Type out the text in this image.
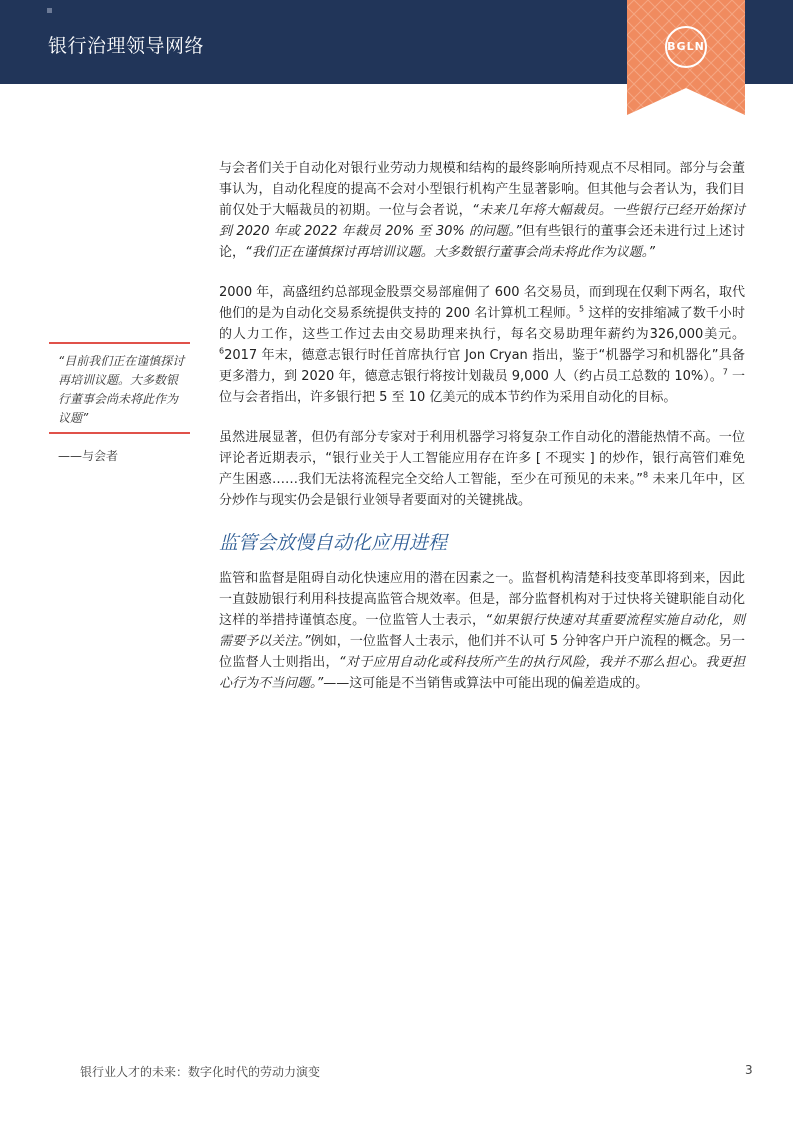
银行治理领导网络	BGLN

与会者们关于自动化对银行业劳动力规模和结构的最终影响所持观点不尽相同。部分与会董事认为，自动化程度的提高不会对小型银行机构产生显著影响。但其他与会者认为，我们目前仅处于大幅裁员的初期。一位与会者说，“未来几年将大幅裁员。一些银行已经开始探讨到 2020 年或 2022 年裁员 20% 至 30% 的问题。”但有些银行的董事会还未进行过上述讨论，“我们正在谨慎探讨再培训议题。大多数银行董事会尚未将此作为议题。”

2000 年，高盛纽约总部现金股票交易部雇佣了 600 名交易员，而到现在仅剩下两名，取代他们的是为自动化交易系统提供支持的 200 名计算机工程师。$^5$ 这样的安排缩减了数千小时的人力工作，这些工作过去由交易助理来执行，每名交易助理年薪约为326,000美元。$^6$2017 年末，德意志银行时任首席执行官 Jon Cryan 指出，鉴于“机器学习和机器化”具备更多潜力，到 2020 年，德意志银行将按计划裁员 9,000 人（约占员工总数的 10%）。$^7$ 一位与会者指出，许多银行把 5 至 10 亿美元的成本节约作为采用自动化的目标。

虽然进展显著，但仍有部分专家对于利用机器学习将复杂工作自动化的潜能热情不高。一位评论者近期表示，“银行业关于人工智能应用存在许多 [ 不现实 ] 的炒作，银行高管们难免产生困惑……我们无法将流程完全交给人工智能，至少在可预见的未来。”$^8$ 未来几年中，区分炒作与现实仍会是银行业领导者要面对的关键挑战。

监管会放慢自动化应用进程

监管和监督是阻碍自动化快速应用的潜在因素之一。监督机构清楚科技变革即将到来，因此一直鼓励银行利用科技提高监管合规效率。但是，部分监督机构对于过快将关键职能自动化这样的举措持谨慎态度。一位监管人士表示，“如果银行快速对其重要流程实施自动化，则需要予以关注。”例如，一位监督人士表示，他们并不认可 5 分钟客户开户流程的概念。另一位监督人士则指出，“对于应用自动化或科技所产生的执行风险，我并不那么担心。我更担心行为不当问题。”——这可能是不当销售或算法中可能出现的偏差造成的。

“目前我们正在谨慎探讨再培训议题。大多数银行董事会尚未将此作为议题”
——与会者
银行业人才的未来：数字化时代的劳动力演变	3
